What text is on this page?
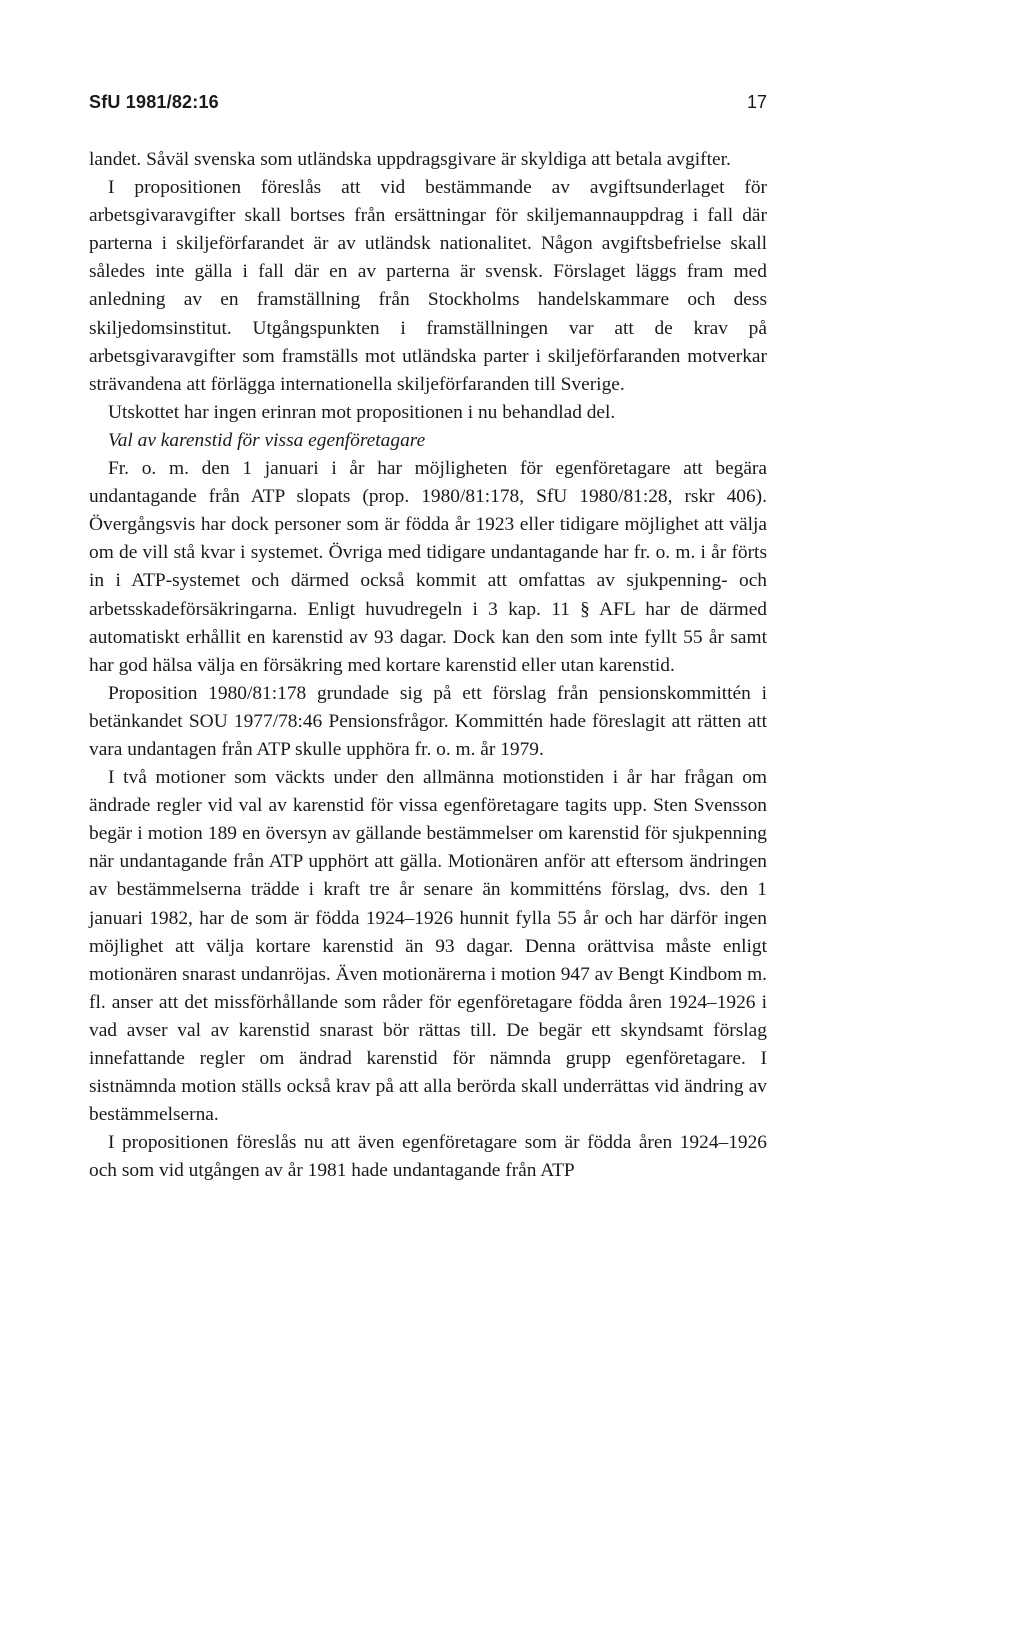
SfU 1981/82:16	17

landet. Såväl svenska som utländska uppdragsgivare är skyldiga att betala avgifter.

I propositionen föreslås att vid bestämmande av avgiftsunderlaget för arbetsgivaravgifter skall bortses från ersättningar för skiljemannauppdrag i fall där parterna i skiljeförfarandet är av utländsk nationalitet. Någon avgiftsbefrielse skall således inte gälla i fall där en av parterna är svensk. Förslaget läggs fram med anledning av en framställning från Stockholms handelskammare och dess skiljedomsinstitut. Utgångspunkten i framställningen var att de krav på arbetsgivaravgifter som framställs mot utländska parter i skiljeförfaranden motverkar strävandena att förlägga internationella skiljeförfaranden till Sverige.

Utskottet har ingen erinran mot propositionen i nu behandlad del.

Val av karenstid för vissa egenföretagare

Fr. o. m. den 1 januari i år har möjligheten för egenföretagare att begära undantagande från ATP slopats (prop. 1980/81:178, SfU 1980/81:28, rskr 406). Övergångsvis har dock personer som är födda år 1923 eller tidigare möjlighet att välja om de vill stå kvar i systemet. Övriga med tidigare undantagande har fr. o. m. i år förts in i ATP-systemet och därmed också kommit att omfattas av sjukpenning- och arbetsskadeförsäkringarna. Enligt huvudregeln i 3 kap. 11 § AFL har de därmed automatiskt erhållit en karenstid av 93 dagar. Dock kan den som inte fyllt 55 år samt har god hälsa välja en försäkring med kortare karenstid eller utan karenstid.

Proposition 1980/81:178 grundade sig på ett förslag från pensionskommittén i betänkandet SOU 1977/78:46 Pensionsfrågor. Kommittén hade föreslagit att rätten att vara undantagen från ATP skulle upphöra fr. o. m. år 1979.

I två motioner som väckts under den allmänna motionstiden i år har frågan om ändrade regler vid val av karenstid för vissa egenföretagare tagits upp. Sten Svensson begär i motion 189 en översyn av gällande bestämmelser om karenstid för sjukpenning när undantagande från ATP upphört att gälla. Motionären anför att eftersom ändringen av bestämmelserna trädde i kraft tre år senare än kommitténs förslag, dvs. den 1 januari 1982, har de som är födda 1924–1926 hunnit fylla 55 år och har därför ingen möjlighet att välja kortare karenstid än 93 dagar. Denna orättvisa måste enligt motionären snarast undanröjas. Även motionärerna i motion 947 av Bengt Kindbom m. fl. anser att det missförhållande som råder för egenföretagare födda åren 1924–1926 i vad avser val av karenstid snarast bör rättas till. De begär ett skyndsamt förslag innefattande regler om ändrad karenstid för nämnda grupp egenföretagare. I sistnämnda motion ställs också krav på att alla berörda skall underrättas vid ändring av bestämmelserna.

I propositionen föreslås nu att även egenföretagare som är födda åren 1924–1926 och som vid utgången av år 1981 hade undantagande från ATP
